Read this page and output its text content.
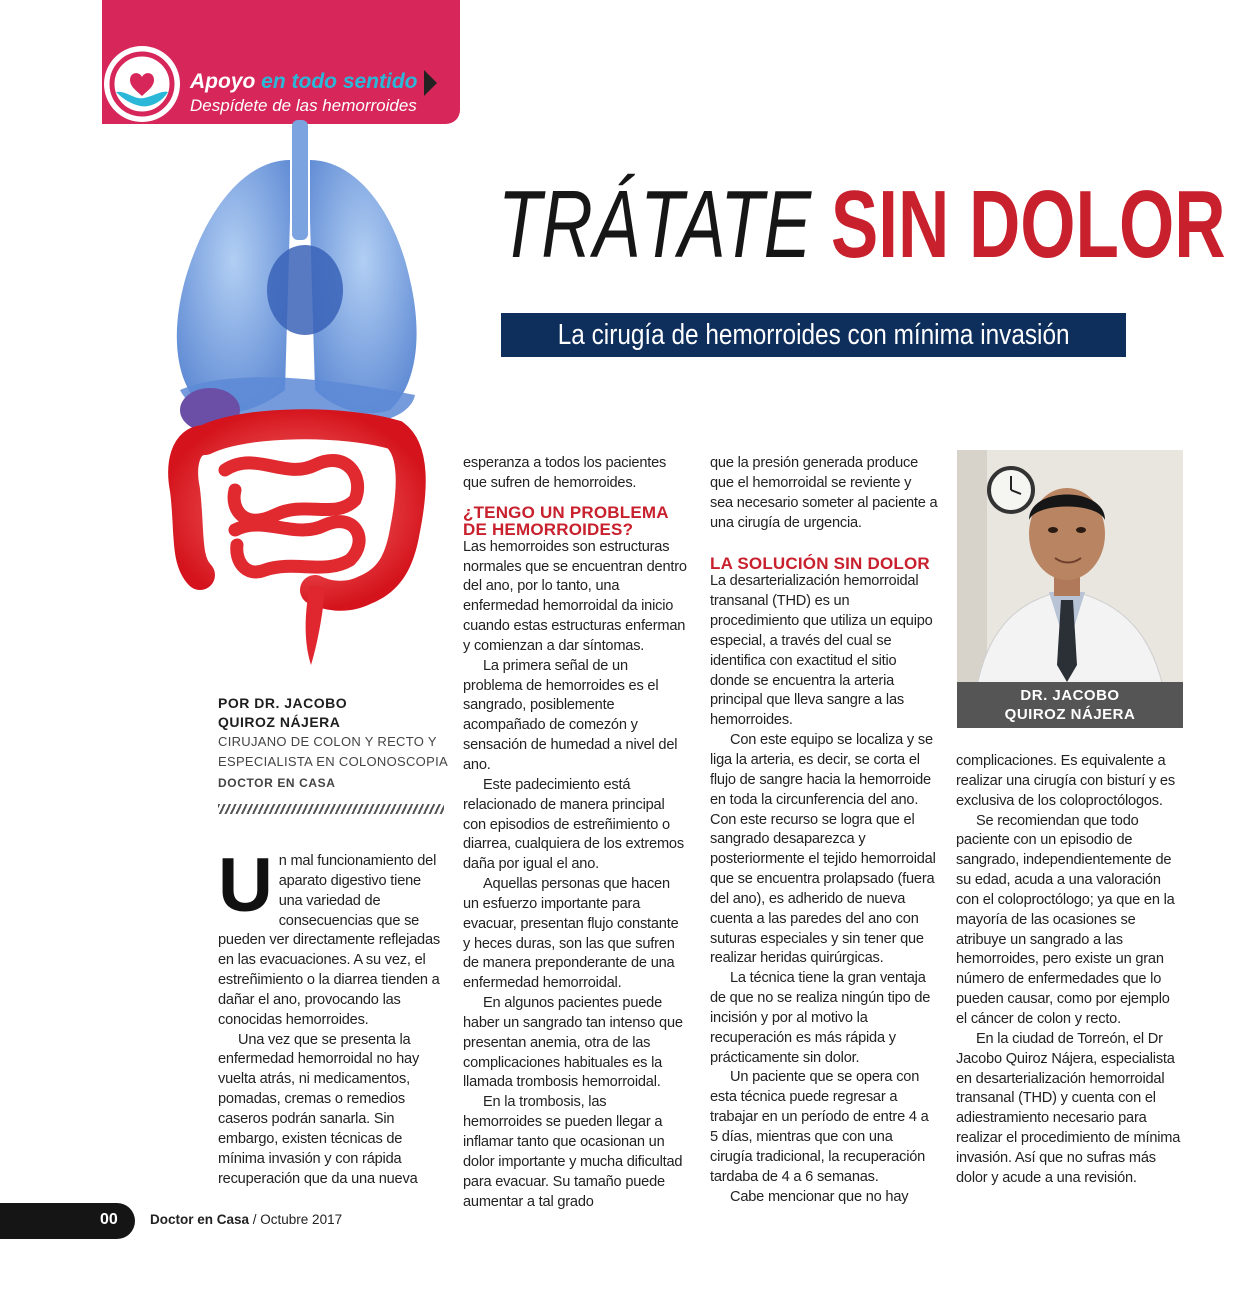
Apoyo en todo sentido
Despídete de las hemorroides
TRÁTATE SIN DOLOR
La cirugía de hemorroides con mínima invasión
POR DR. JACOBO
QUIROZ NÁJERA
CIRUJANO DE COLON Y RECTO Y
ESPECIALISTA EN COLONOSCOPIA
DOCTOR EN CASA

Un mal funcionamiento del aparato digestivo tiene una variedad de consecuencias que se pueden ver directamente reflejadas en las evacuaciones. A su vez, el estreñimiento o la diarrea tienden a dañar el ano, provocando las conocidas hemorroides.

Una vez que se presenta la enfermedad hemorroidal no hay vuelta atrás, ni medicamentos, pomadas, cremas o remedios caseros podrán sanarla. Sin embargo, existen técnicas de mínima invasión y con rápida recuperación que da una nueva

esperanza a todos los pacientes que sufren de hemorroides.

¿TENGO UN PROBLEMA DE HEMORROIDES?

Las hemorroides son estructuras normales que se encuentran dentro del ano, por lo tanto, una enfermedad hemorroidal da inicio cuando estas estructuras enferman y comienzan a dar síntomas.

La primera señal de un problema de hemorroides es el sangrado, posiblemente acompañado de comezón y sensación de humedad a nivel del ano.

Este padecimiento está relacionado de manera principal con episodios de estreñimiento o diarrea, cualquiera de los extremos daña por igual el ano.

Aquellas personas que hacen un esfuerzo importante para evacuar, presentan flujo constante y heces duras, son las que sufren de manera preponderante de una enfermedad hemorroidal.

En algunos pacientes puede haber un sangrado tan intenso que presentan anemia, otra de las complicaciones habituales es la llamada trombosis hemorroidal.

En la trombosis, las hemorroides se pueden llegar a inflamar tanto que ocasionan un dolor importante y mucha dificultad para evacuar. Su tamaño puede aumentar a tal grado

que la presión generada produce que el hemorroidal se reviente y sea necesario someter al paciente a una cirugía de urgencia.

LA SOLUCIÓN SIN DOLOR

La desarterialización hemorroidal transanal (THD) es un procedimiento que utiliza un equipo especial, a través del cual se identifica con exactitud el sitio donde se encuentra la arteria principal que lleva sangre a las hemorroides.

Con este equipo se localiza y se liga la arteria, es decir, se corta el flujo de sangre hacia la hemorroide en toda la circunferencia del ano. Con este recurso se logra que el sangrado desaparezca y posteriormente el tejido hemorroidal que se encuentra prolapsado (fuera del ano), es adherido de nueva cuenta a las paredes del ano con suturas especiales y sin tener que realizar heridas quirúrgicas.

La técnica tiene la gran ventaja de que no se realiza ningún tipo de incisión y por al motivo la recuperación es más rápida y prácticamente sin dolor.

Un paciente que se opera con esta técnica puede regresar a trabajar en un período de entre 4 a 5 días, mientras que con una cirugía tradicional, la recuperación tardaba de 4 a 6 semanas.

Cabe mencionar que no hay

DR. JACOBO
QUIROZ NÁJERA

complicaciones. Es equivalente a realizar una cirugía con bisturí y es exclusiva de los coloproctólogos.

Se recomiendan que todo paciente con un episodio de sangrado, independientemente de su edad, acuda a una valoración con el coloproctólogo; ya que en la mayoría de las ocasiones se atribuye un sangrado a las hemorroides, pero existe un gran número de enfermedades que lo pueden causar, como por ejemplo el cáncer de colon y recto.

En la ciudad de Torreón, el Dr Jacobo Quiroz Nájera, especialista en desarterialización hemorroidal transanal (THD) y cuenta con el adiestramiento necesario para realizar el procedimiento de mínima invasión. Así que no sufras más dolor y acude a una revisión.

00 Doctor en Casa / Octubre 2017
